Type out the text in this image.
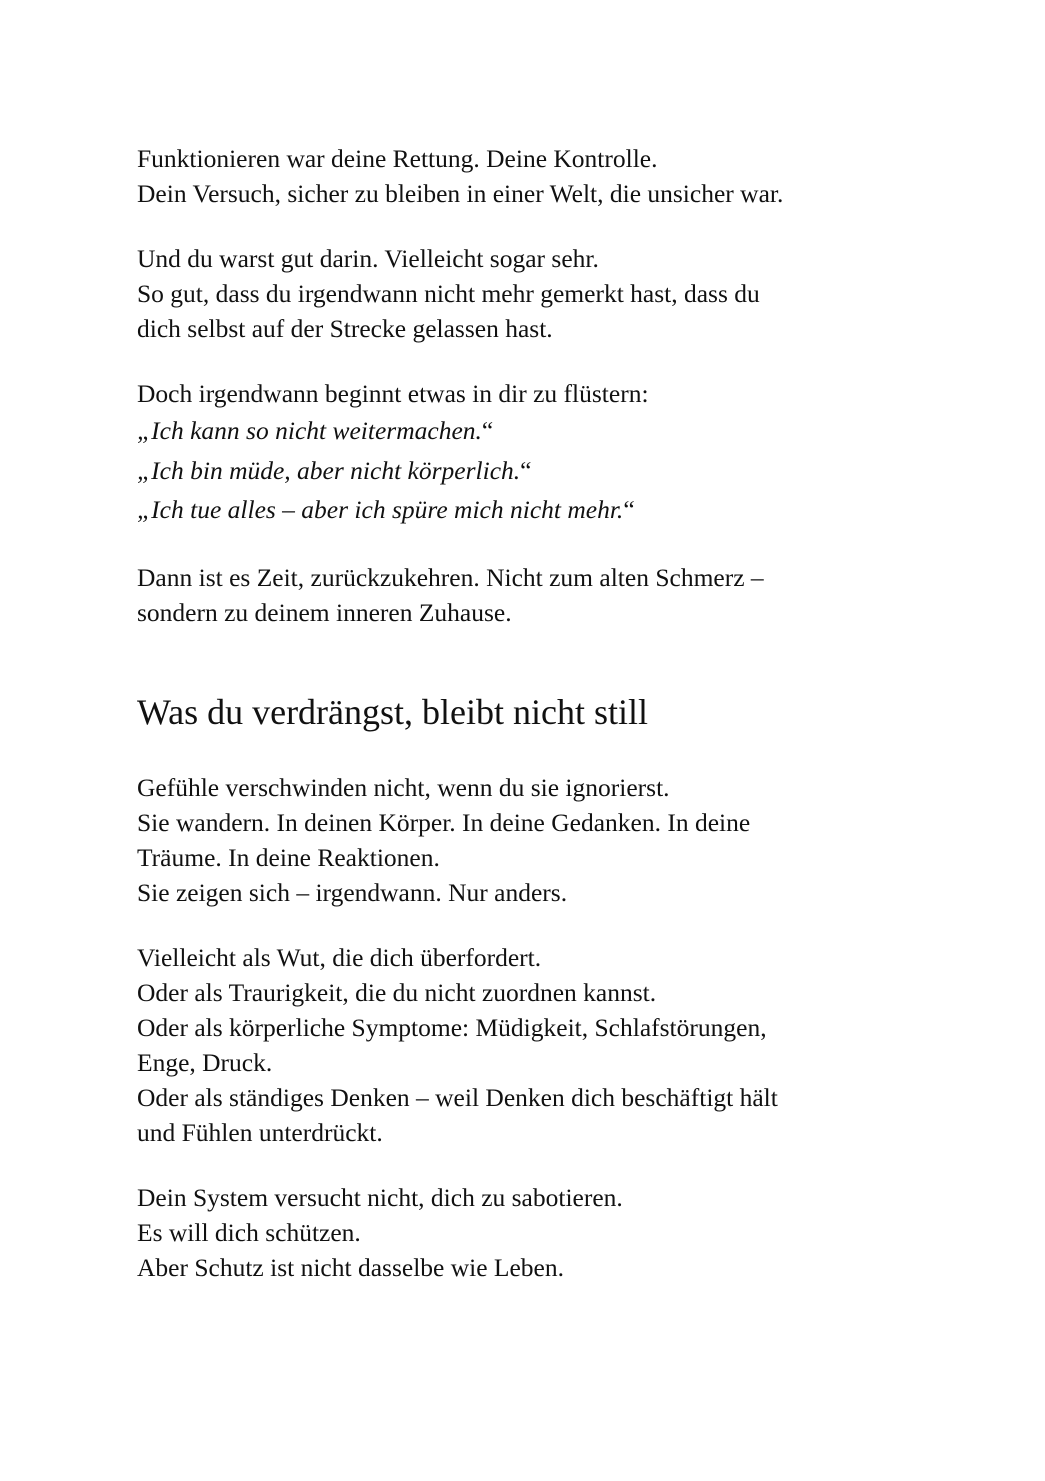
Funktionieren war deine Rettung. Deine Kontrolle.
Dein Versuch, sicher zu bleiben in einer Welt, die unsicher war.

Und du warst gut darin. Vielleicht sogar sehr.
So gut, dass du irgendwann nicht mehr gemerkt hast, dass du
dich selbst auf der Strecke gelassen hast.

Doch irgendwann beginnt etwas in dir zu flüstern:
„Ich kann so nicht weitermachen.“
„Ich bin müde, aber nicht körperlich.“
„Ich tue alles – aber ich spüre mich nicht mehr.“

Dann ist es Zeit, zurückzukehren. Nicht zum alten Schmerz –
sondern zu deinem inneren Zuhause.

Was du verdrängst, bleibt nicht still

Gefühle verschwinden nicht, wenn du sie ignorierst.
Sie wandern. In deinen Körper. In deine Gedanken. In deine
Träume. In deine Reaktionen.
Sie zeigen sich – irgendwann. Nur anders.

Vielleicht als Wut, die dich überfordert.
Oder als Traurigkeit, die du nicht zuordnen kannst.
Oder als körperliche Symptome: Müdigkeit, Schlafstörungen,
Enge, Druck.
Oder als ständiges Denken – weil Denken dich beschäftigt hält
und Fühlen unterdrückt.

Dein System versucht nicht, dich zu sabotieren.
Es will dich schützen.
Aber Schutz ist nicht dasselbe wie Leben.
